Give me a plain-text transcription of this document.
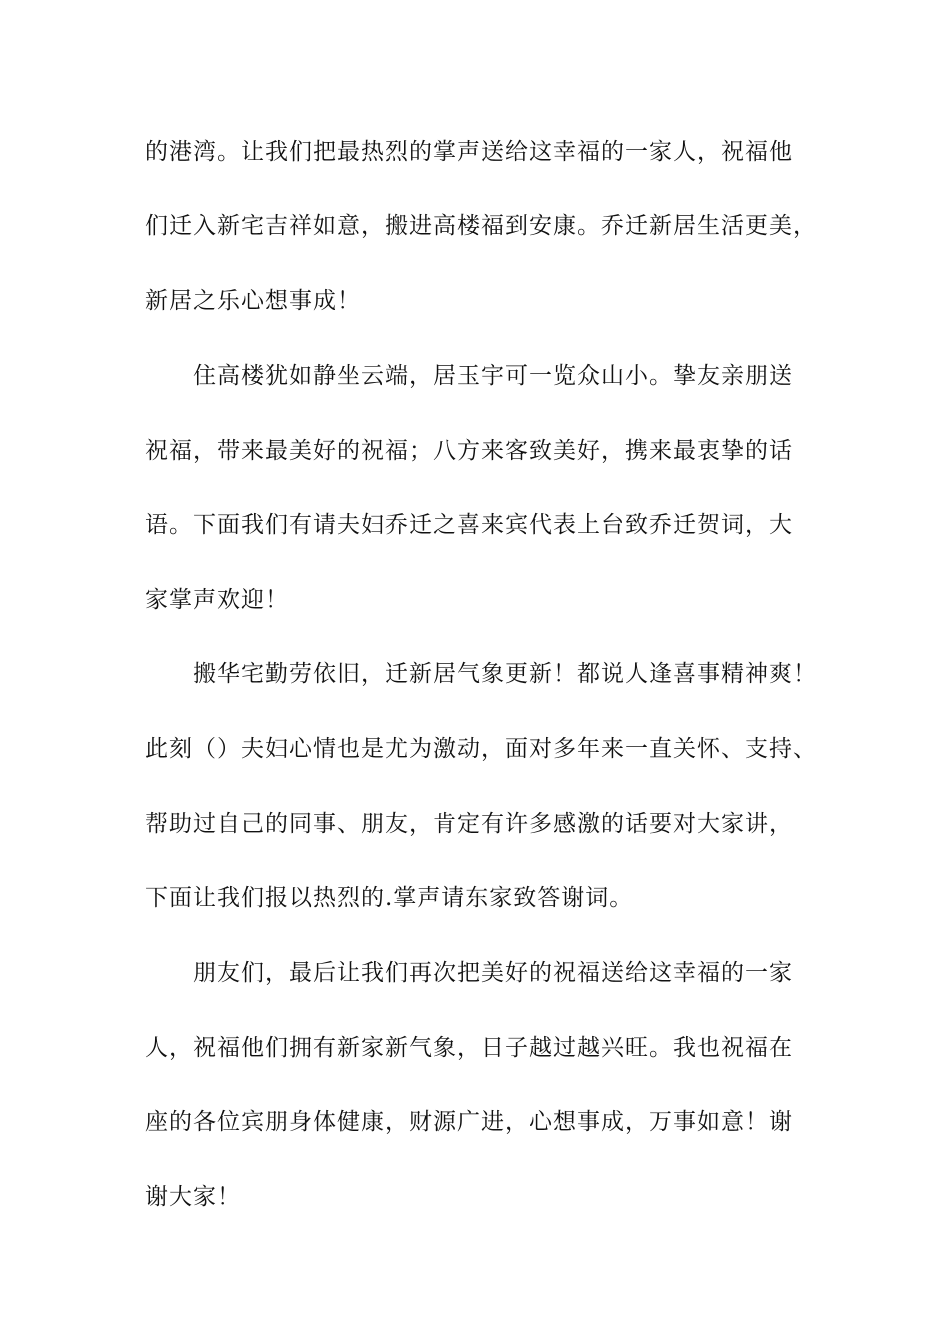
的港湾。让我们把最热烈的掌声送给这幸福的一家人，祝福他
们迁入新宅吉祥如意，搬进高楼福到安康。乔迁新居生活更美，
新居之乐心想事成！
住高楼犹如静坐云端，居玉宇可一览众山小。挚友亲朋送
祝福，带来最美好的祝福；八方来客致美好，携来最衷挚的话
语。下面我们有请夫妇乔迁之喜来宾代表上台致乔迁贺词，大
家掌声欢迎！
搬华宅勤劳依旧，迁新居气象更新！都说人逢喜事精神爽！
此刻（）夫妇心情也是尤为激动，面对多年来一直关怀、支持、
帮助过自己的同事、朋友，肯定有许多感激的话要对大家讲，
下面让我们报以热烈的.掌声请东家致答谢词。
朋友们，最后让我们再次把美好的祝福送给这幸福的一家
人，祝福他们拥有新家新气象，日子越过越兴旺。我也祝福在
座的各位宾朋身体健康，财源广进，心想事成，万事如意！谢
谢大家！
